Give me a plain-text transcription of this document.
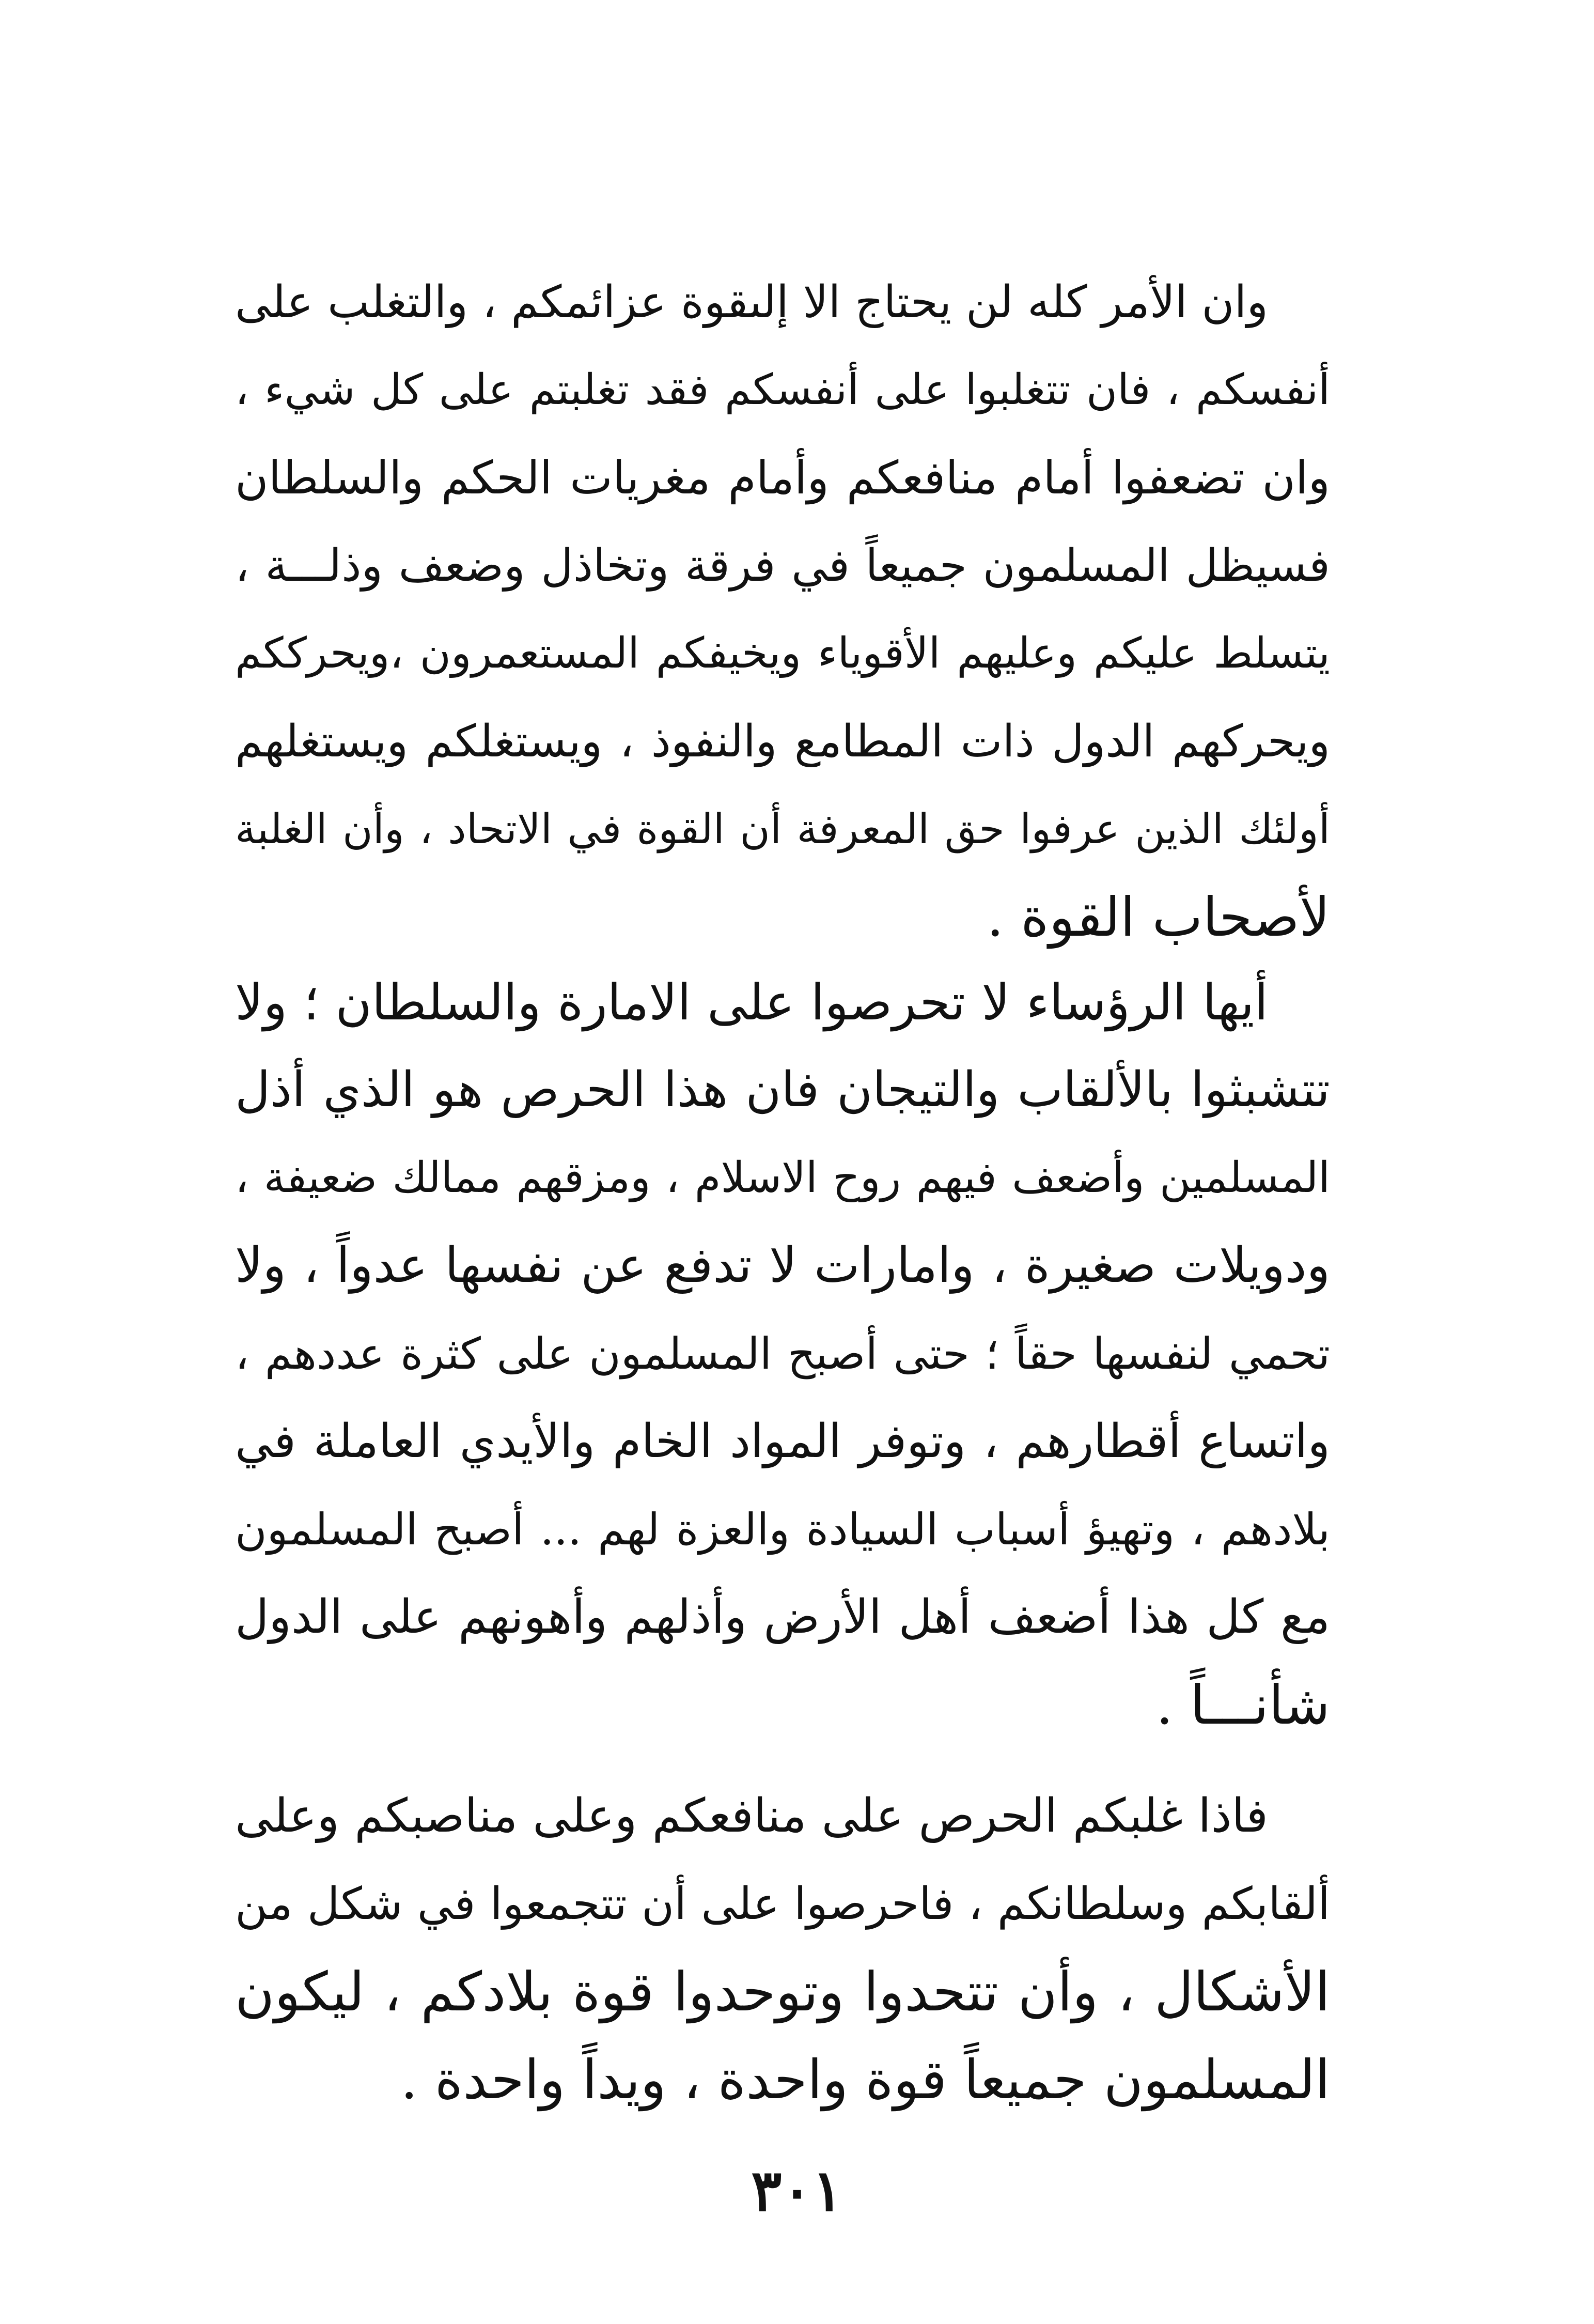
وان الأمر كله لن يحتاج الا إلىقوة عزائمكم ، والتغلب على
أنفسكم ، فان تتغلبوا على أنفسكم فقد تغلبتم على كل شيء ،
وان تضعفوا أمام منافعكم وأمام مغريات الحكم والسلطان
فسيظل المسلمون جميعاً في فرقة وتخاذل وضعف وذلـــة ،
يتسلط عليكم وعليهم الأقوياء ويخيفكم المستعمرون ،ويحرككم
ويحركهم الدول ذات المطامع والنفوذ ، ويستغلكم ويستغلهم
أولئك الذين عرفوا حق المعرفة أن القوة في الاتحاد ، وأن الغلبة
لأصحاب القوة .
أيها الرؤساء لا تحرصوا على الامارة والسلطان ؛ ولا
تتشبثوا بالألقاب والتيجان فان هذا الحرص هو الذي أذل
المسلمين وأضعف فيهم روح الاسلام ، ومزقهم ممالك ضعيفة ،
ودويلات صغيرة ، وامارات لا تدفع عن نفسها عدواً ، ولا
تحمي لنفسها حقاً ؛ حتى أصبح المسلمون على كثرة عددهم ،
واتساع أقطارهم ، وتوفر المواد الخام والأيدي العاملة في
بلادهم ، وتهيؤ أسباب السيادة والعزة لهم ... أصبح المسلمون
مع كل هذا أضعف أهل الأرض وأذلهم وأهونهم على الدول
شأنـــاً .
فاذا غلبكم الحرص على منافعكم وعلى مناصبكم وعلى
ألقابكم وسلطانكم ، فاحرصوا على أن تتجمعوا في شكل من
الأشكال ، وأن تتحدوا وتوحدوا قوة بلادكم ، ليكون
المسلمون جميعاً قوة واحدة ، ويداً واحدة .
٣٠١
